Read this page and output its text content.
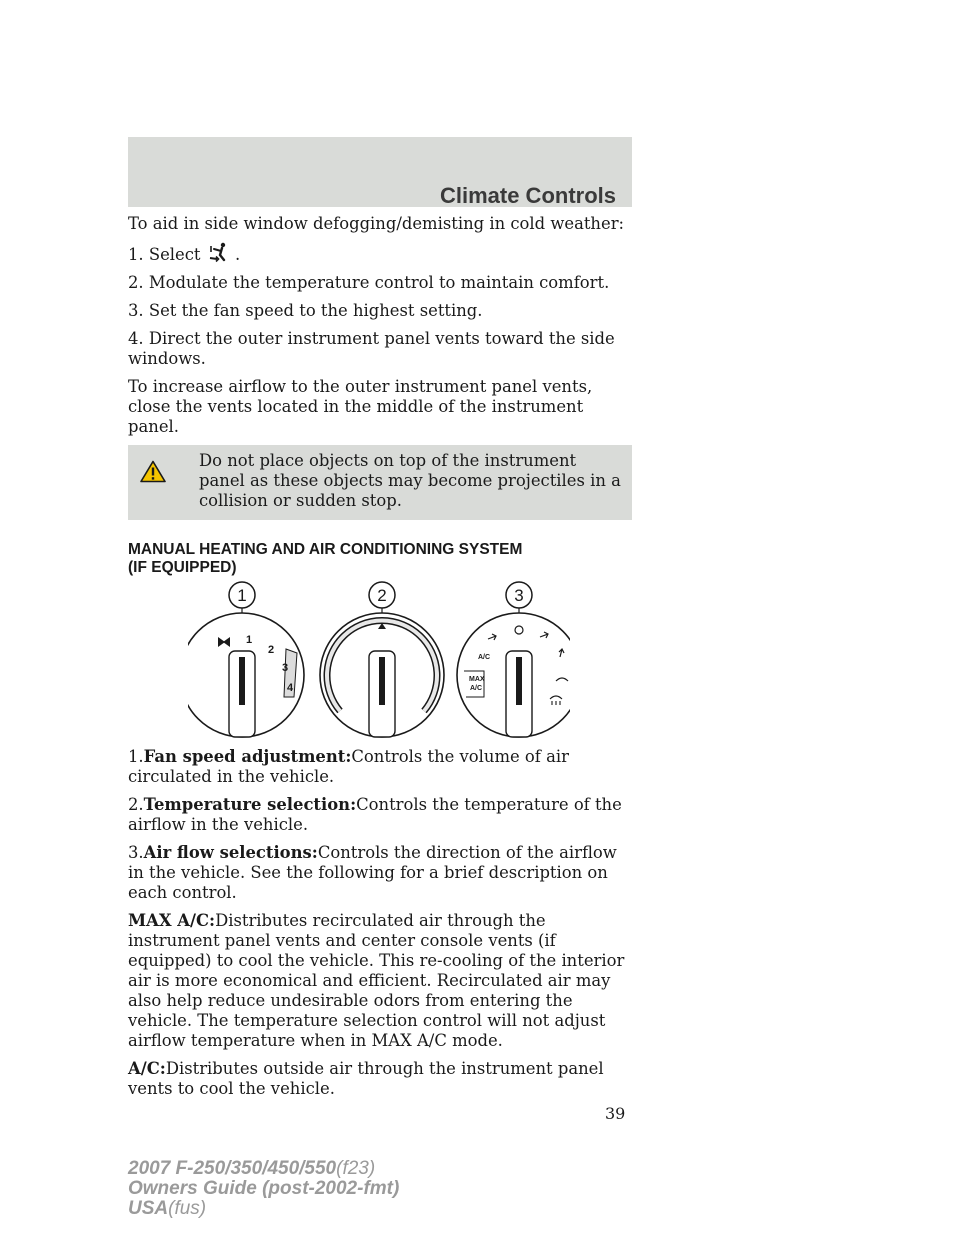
Climate Controls

To aid in side window defogging/demisting in cold weather:

1. Select .

2. Modulate the temperature control to maintain comfort.

3. Set the fan speed to the highest setting.

4. Direct the outer instrument panel vents toward the side windows.

To increase airflow to the outer instrument panel vents, close the vents located in the middle of the instrument panel.

Do not place objects on top of the instrument panel as these objects may become projectiles in a collision or sudden stop.
MANUAL HEATING AND AIR CONDITIONING SYSTEM
(IF EQUIPPED)
1	2	3
1
2
3
4
A/C
MAX
A/C

1.Fan speed adjustment:Controls the volume of air circulated in the vehicle.

2.Temperature selection:Controls the temperature of the airflow in the vehicle.

3.Air flow selections:Controls the direction of the airflow in the vehicle. See the following for a brief description on each control.

MAX A/C:Distributes recirculated air through the instrument panel vents and center console vents (if equipped) to cool the vehicle. This re-cooling of the interior air is more economical and efficient. Recirculated air may also help reduce undesirable odors from entering the vehicle. The temperature selection control will not adjust airflow temperature when in MAX A/C mode.

A/C:Distributes outside air through the instrument panel vents to cool the vehicle.

39
2007 F-250/350/450/550(f23)
Owners Guide (post-2002-fmt)
USA(fus)
